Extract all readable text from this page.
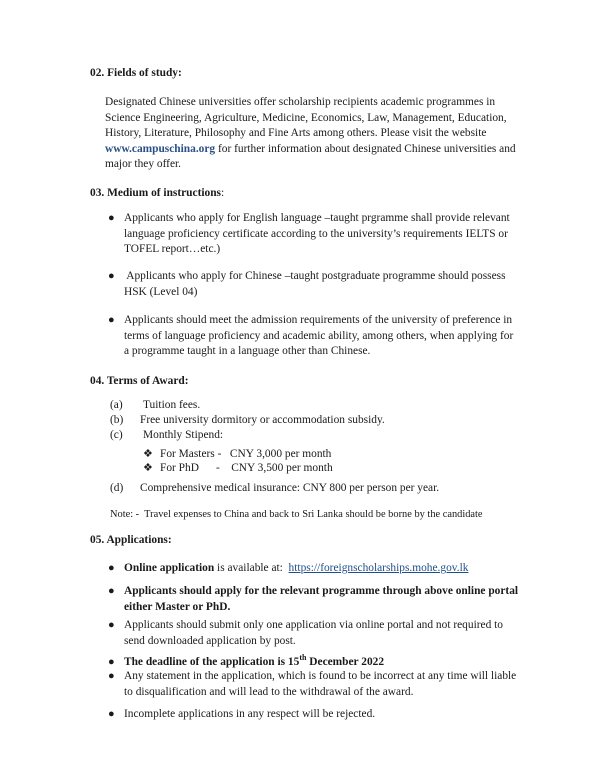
02. Fields of study:
Designated Chinese universities offer scholarship recipients academic programmes in
Science Engineering, Agriculture, Medicine, Economics, Law, Management, Education,
History, Literature, Philosophy and Fine Arts among others. Please visit the website
www.campuschina.org for further information about designated Chinese universities and
major they offer.
03. Medium of instructions:
● Applicants who apply for English language –taught prgramme shall provide relevant
language proficiency certificate according to the university’s requirements IELTS or
TOFEL report…etc.)
● Applicants who apply for Chinese –taught postgraduate programme should possess
HSK (Level 04)
● Applicants should meet the admission requirements of the university of preference in
terms of language proficiency and academic ability, among others, when applying for
a programme taught in a language other than Chinese.
04. Terms of Award:
(a) Tuition fees.
(b) Free university dormitory or accommodation subsidy.
(c) Monthly Stipend:
❖ For Masters -   CNY 3,000 per month
❖ For PhD      -    CNY 3,500 per month
(d) Comprehensive medical insurance: CNY 800 per person per year.
Note: -  Travel expenses to China and back to Sri Lanka should be borne by the candidate
05. Applications:
● Online application is available at:  https://foreignscholarships.mohe.gov.lk
● Applicants should apply for the relevant programme through above online portal
either Master or PhD.
● Applicants should submit only one application via online portal and not required to
send downloaded application by post.
● The deadline of the application is 15th December 2022
● Any statement in the application, which is found to be incorrect at any time will liable
to disqualification and will lead to the withdrawal of the award.
● Incomplete applications in any respect will be rejected.
